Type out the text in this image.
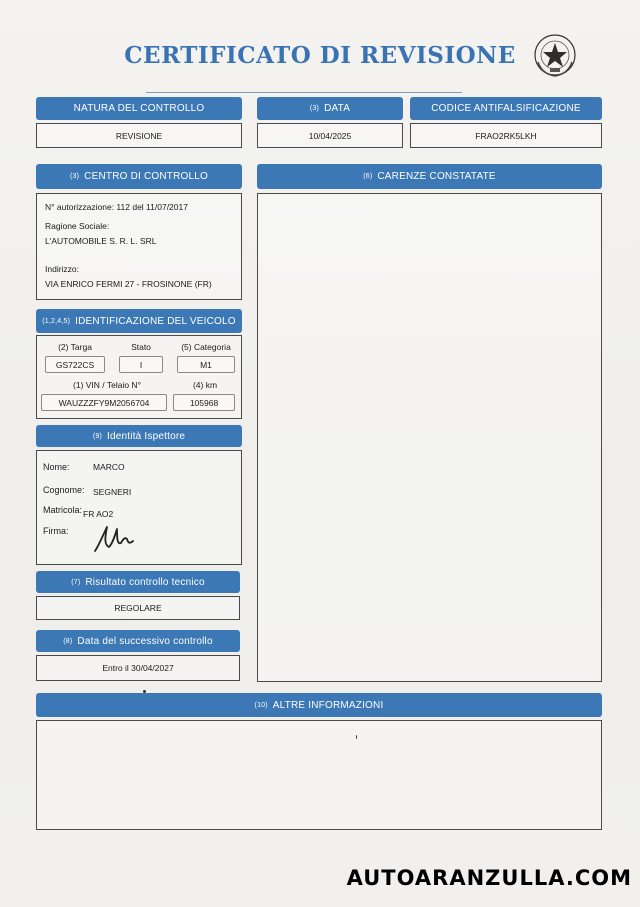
CERTIFICATO DI REVISIONE
NATURA DEL CONTROLLO	(3) DATA	CODICE ANTIFALSIFICAZIONE
REVISIONE	10/04/2025	FRAO2RK5LKH
(3) CENTRO DI CONTROLLO
N° autorizzazione: 112 del 11/07/2017
Ragione Sociale:
L'AUTOMOBILE S. R. L. SRL
Indirizzo:
VIA ENRICO FERMI 27 - FROSINONE (FR)
(6) CARENZE CONSTATATE
(1,2,4,5) IDENTIFICAZIONE DEL VEICOLO
(2) Targa	Stato	(5) Categoria
GS722CS	I	M1
(1) VIN / Telaio N°	(4) km
WAUZZZFY9M2056704	105968
(9) Identità Ispettore
Nome:	MARCO
Cognome: SEGNERI
Matricola: FR AO2
Firma:
(7) Risultato controllo tecnico
REGOLARE
(8) Data del successivo controllo
Entro il 30/04/2027
(10) ALTRE INFORMAZIONI
AUTOARANZULLA.COM
